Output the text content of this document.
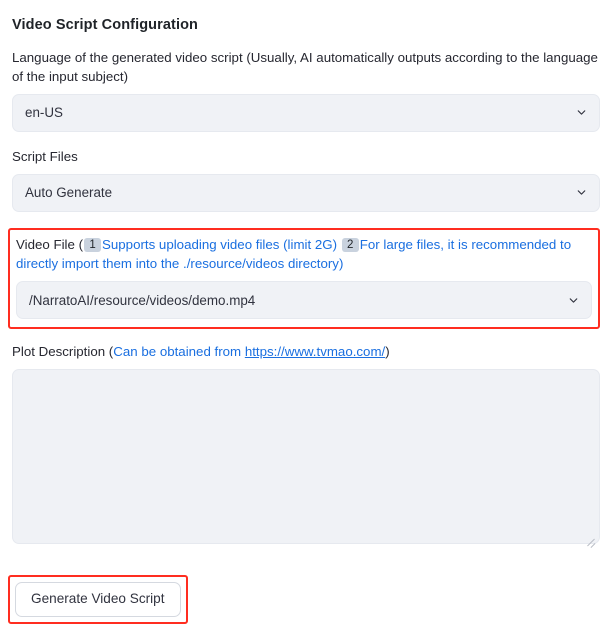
Video Script Configuration
Language of the generated video script (Usually, AI automatically outputs according to the language of the input subject)
en-US
Script Files
Auto Generate
Video File ( 1 Supports uploading video files (limit 2G) 2 For large files, it is recommended to directly import them into the ./resource/videos directory)
/NarratoAI/resource/videos/demo.mp4
Plot Description (Can be obtained from https://www.tvmao.com/)
Generate Video Script
